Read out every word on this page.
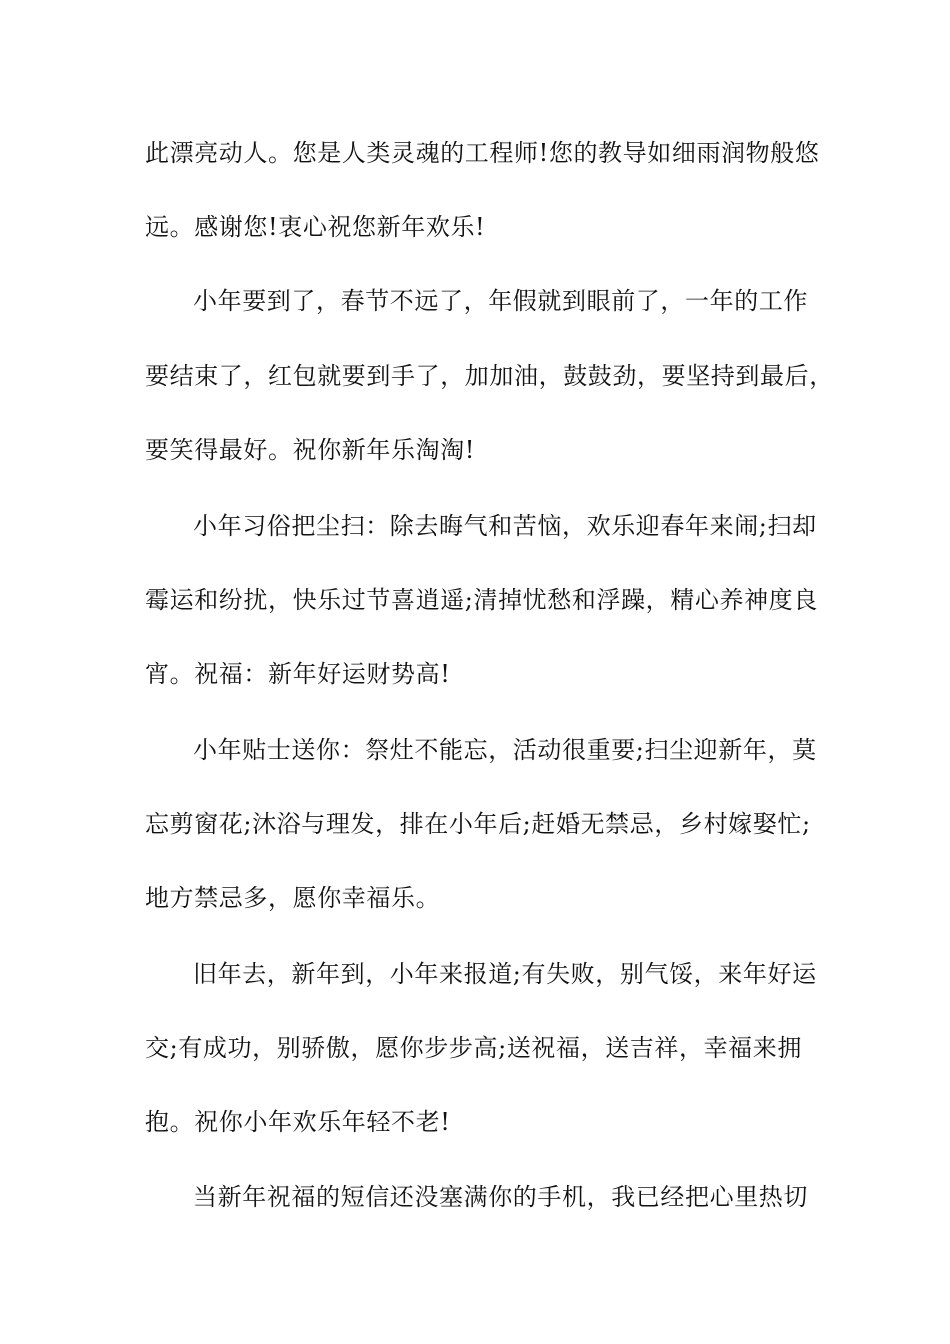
此漂亮动人。您是人类灵魂的工程师!您的教导如细雨润物般悠
远。感谢您!衷心祝您新年欢乐!
小年要到了，春节不远了，年假就到眼前了，一年的工作
要结束了，红包就要到手了，加加油，鼓鼓劲，要坚持到最后，
要笑得最好。祝你新年乐淘淘!
小年习俗把尘扫：除去晦气和苦恼，欢乐迎春年来闹;扫却
霉运和纷扰，快乐过节喜逍遥;清掉忧愁和浮躁，精心养神度良
宵。祝福：新年好运财势高!
小年贴士送你：祭灶不能忘，活动很重要;扫尘迎新年，莫
忘剪窗花;沐浴与理发，排在小年后;赶婚无禁忌，乡村嫁娶忙;
地方禁忌多，愿你幸福乐。
旧年去，新年到，小年来报道;有失败，别气馁，来年好运
交;有成功，别骄傲，愿你步步高;送祝福，送吉祥，幸福来拥
抱。祝你小年欢乐年轻不老!
当新年祝福的短信还没塞满你的手机，我已经把心里热切
